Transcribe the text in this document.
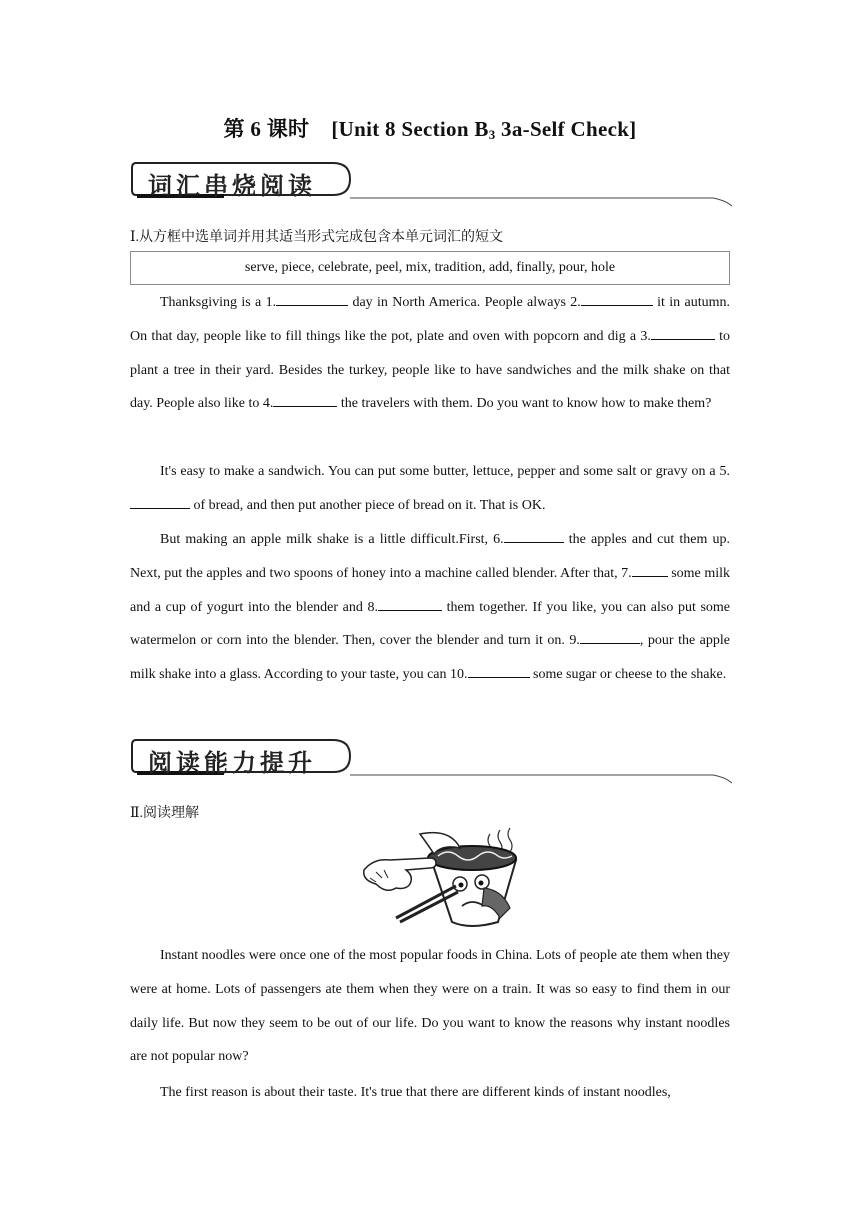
第 6 课时 [Unit 8 Section $B_3$ 3a-Self Check]
词汇串烧阅读
Ⅰ.从方框中选单词并用其适当形式完成包含本单元词汇的短文
serve, piece, celebrate, peel, mix, tradition, add, finally, pour, hole

Thanksgiving is a 1.	day in North America. People always 2.	it in autumn. On that day, people like to fill things like the pot, plate and oven with popcorn and dig a 3.	to plant a tree in their yard. Besides the turkey, people like to have sandwiches and the milk shake on that day. People also like to 4.	the travelers with them. Do you want to know how to make them?

It's easy to make a sandwich. You can put some butter, lettuce, pepper and some salt or gravy on a 5. of bread, and then put another piece of bread on it. That is OK.

But making an apple milk shake is a little difficult.First, 6.	the apples and cut them up. Next, put the apples and two spoons of honey into a machine called blender. After that, 7.	some milk and a cup of yogurt into the blender and 8.	them together. If you like, you can also put some watermelon or corn into the blender. Then, cover the blender and turn it on. 9.	, pour the apple milk shake into a glass. According to your taste, you can 10.	some sugar or cheese to the shake.

阅读能力提升
Ⅱ.阅读理解

Instant noodles were once one of the most popular foods in China. Lots of people ate them when they were at home. Lots of passengers ate them when they were on a train. It was so easy to find them in our daily life. But now they seem to be out of our life. Do you want to know the reasons why instant noodles are not popular now?

The first reason is about their taste. It's true that there are different kinds of instant noodles,
